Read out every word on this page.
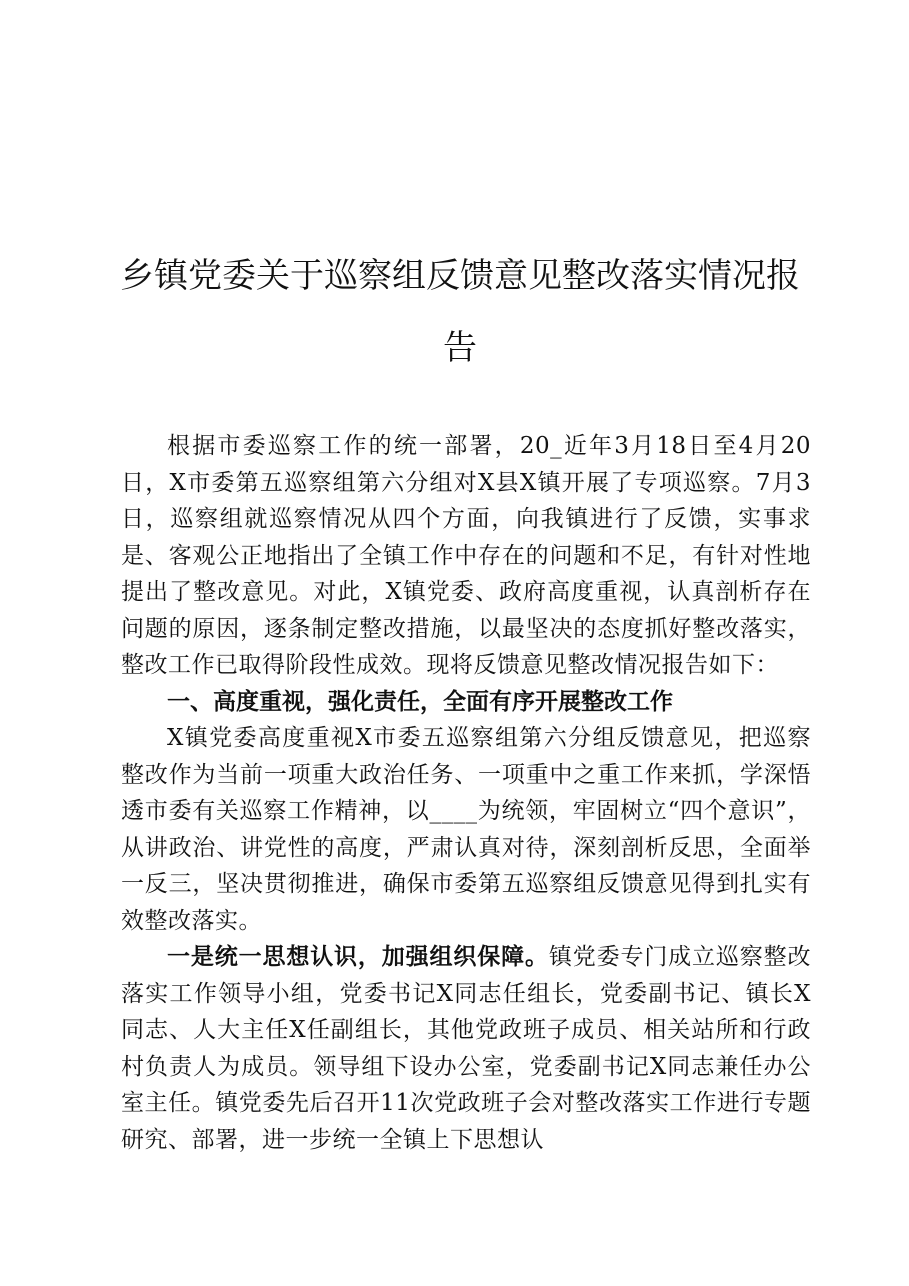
乡镇党委关于巡察组反馈意见整改落实情况报告

根据市委巡察工作的统一部署，20_近年3月18日至4月20日，X市委第五巡察组第六分组对X县X镇开展了专项巡察。7月3日，巡察组就巡察情况从四个方面，向我镇进行了反馈，实事求是、客观公正地指出了全镇工作中存在的问题和不足，有针对性地提出了整改意见。对此，X镇党委、政府高度重视，认真剖析存在问题的原因，逐条制定整改措施，以最坚决的态度抓好整改落实，整改工作已取得阶段性成效。现将反馈意见整改情况报告如下：

一、高度重视，强化责任，全面有序开展整改工作

X镇党委高度重视X市委五巡察组第六分组反馈意见，把巡察整改作为当前一项重大政治任务、一项重中之重工作来抓，学深悟透市委有关巡察工作精神，以____为统领，牢固树立“四个意识”，从讲政治、讲党性的高度，严肃认真对待，深刻剖析反思，全面举一反三，坚决贯彻推进，确保市委第五巡察组反馈意见得到扎实有效整改落实。

一是统一思想认识，加强组织保障。镇党委专门成立巡察整改落实工作领导小组，党委书记X同志任组长，党委副书记、镇长X同志、人大主任X任副组长，其他党政班子成员、相关站所和行政村负责人为成员。领导组下设办公室，党委副书记X同志兼任办公室主任。镇党委先后召开11次党政班子会对整改落实工作进行专题研究、部署，进一步统一全镇上下思想认
